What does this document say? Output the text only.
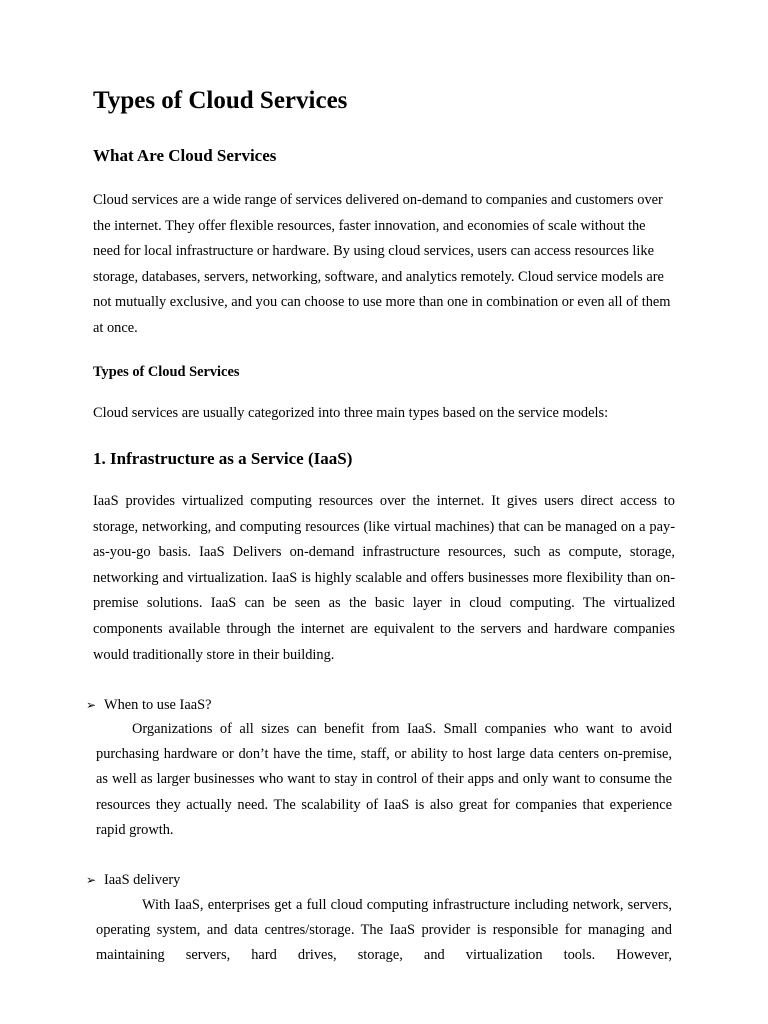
Types of Cloud Services
What Are Cloud Services

Cloud services are a wide range of services delivered on-demand to companies and customers over the internet. They offer flexible resources, faster innovation, and economies of scale without the need for local infrastructure or hardware. By using cloud services, users can access resources like storage, databases, servers, networking, software, and analytics remotely. Cloud service models are not mutually exclusive, and you can choose to use more than one in combination or even all of them at once.

Types of Cloud Services

Cloud services are usually categorized into three main types based on the service models:

1. Infrastructure as a Service (IaaS)

IaaS provides virtualized computing resources over the internet. It gives users direct access to storage, networking, and computing resources (like virtual machines) that can be managed on a pay-as-you-go basis. IaaS Delivers on-demand infrastructure resources, such as compute, storage, networking and virtualization. IaaS is highly scalable and offers businesses more flexibility than on-premise solutions. IaaS can be seen as the basic layer in cloud computing. The virtualized components available through the internet are equivalent to the servers and hardware companies would traditionally store in their building.

➢ When to use IaaS?

Organizations of all sizes can benefit from IaaS. Small companies who want to avoid purchasing hardware or don’t have the time, staff, or ability to host large data centers on-premise, as well as larger businesses who want to stay in control of their apps and only want to consume the resources they actually need. The scalability of IaaS is also great for companies that experience rapid growth.

➢ IaaS delivery

With IaaS, enterprises get a full cloud computing infrastructure including network, servers, operating system, and data centres/storage. The IaaS provider is responsible for managing and maintaining servers, hard drives, storage, and virtualization tools. However,
